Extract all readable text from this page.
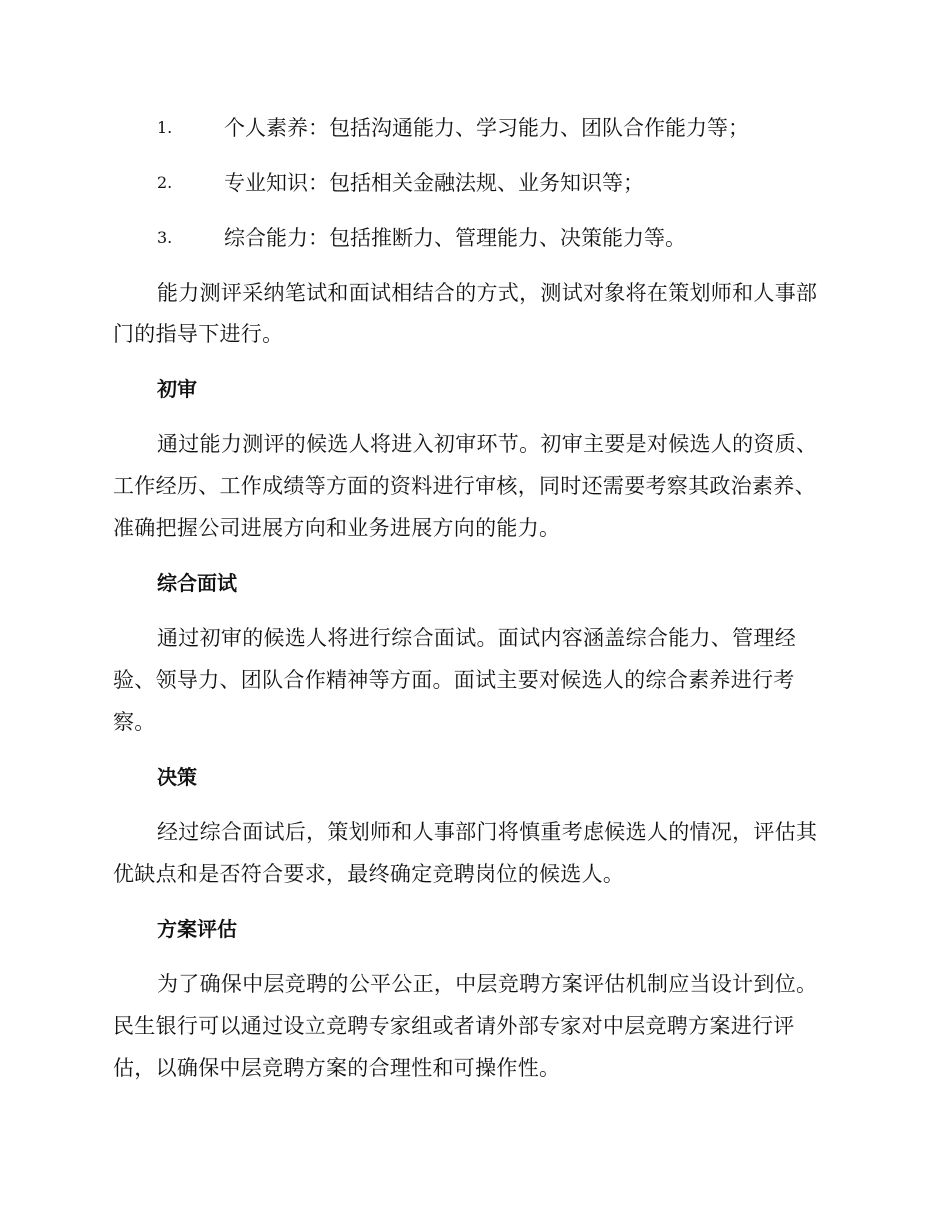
1. 个人素养：包括沟通能力、学习能力、团队合作能力等；
2. 专业知识：包括相关金融法规、业务知识等；
3. 综合能力：包括推断力、管理能力、决策能力等。
能力测评采纳笔试和面试相结合的方式，测试对象将在策划师和人事部
门的指导下进行。
初审
通过能力测评的候选人将进入初审环节。初审主要是对候选人的资质、
工作经历、工作成绩等方面的资料进行审核，同时还需要考察其政治素养、
准确把握公司进展方向和业务进展方向的能力。
综合面试
通过初审的候选人将进行综合面试。面试内容涵盖综合能力、管理经
验、领导力、团队合作精神等方面。面试主要对候选人的综合素养进行考
察。
决策
经过综合面试后，策划师和人事部门将慎重考虑候选人的情况，评估其
优缺点和是否符合要求，最终确定竞聘岗位的候选人。
方案评估
为了确保中层竞聘的公平公正，中层竞聘方案评估机制应当设计到位。
民生银行可以通过设立竞聘专家组或者请外部专家对中层竞聘方案进行评
估，以确保中层竞聘方案的合理性和可操作性。
